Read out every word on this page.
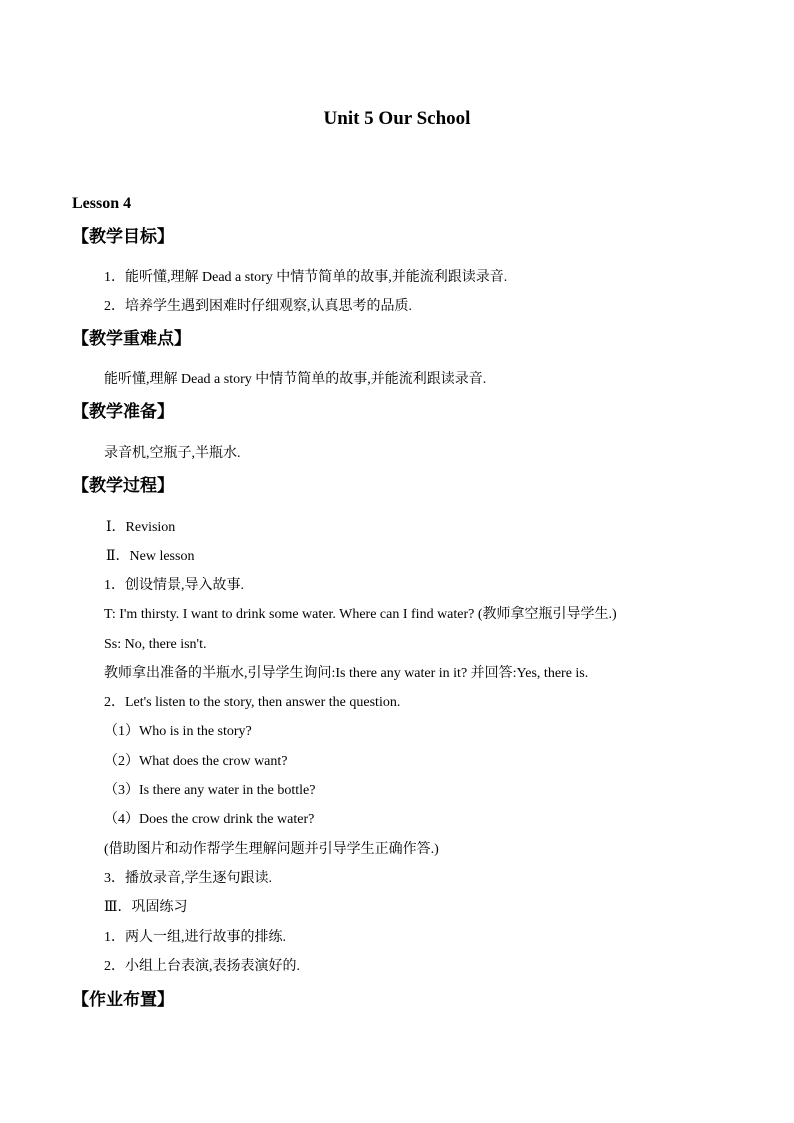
Unit 5 Our School
Lesson 4
【教学目标】
1．能听懂,理解 Dead a story 中情节简单的故事,并能流利跟读录音.
2．培养学生遇到困难时仔细观察,认真思考的品质.
【教学重难点】
能听懂,理解 Dead a story 中情节简单的故事,并能流利跟读录音.
【教学准备】
录音机,空瓶子,半瓶水.
【教学过程】
Ⅰ．Revision
Ⅱ．New lesson
1．创设情景,导入故事.
T: I'm thirsty. I want to drink some water. Where can I find water? (教师拿空瓶引导学生.)
Ss: No, there isn't.
教师拿出准备的半瓶水,引导学生询问:Is there any water in it? 并回答:Yes, there is.
2．Let's listen to the story, then answer the question.
（1）Who is in the story?
（2）What does the crow want?
（3）Is there any water in the bottle?
（4）Does the crow drink the water?
(借助图片和动作帮学生理解问题并引导学生正确作答.)
3．播放录音,学生逐句跟读.
Ⅲ．巩固练习
1．两人一组,进行故事的排练.
2．小组上台表演,表扬表演好的.
【作业布置】
